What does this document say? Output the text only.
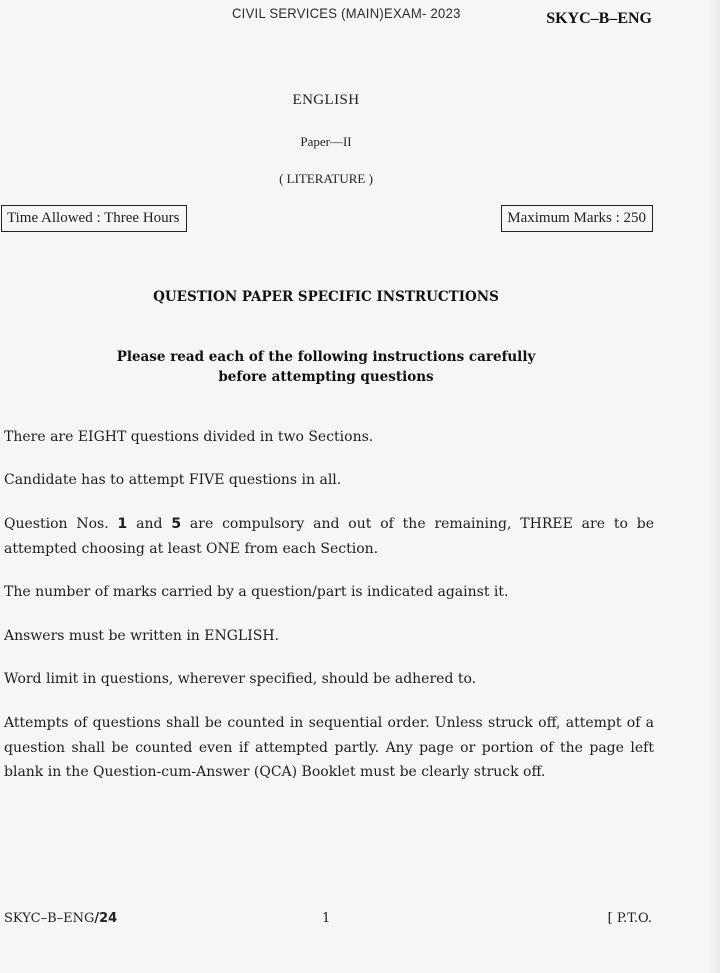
CIVIL SERVICES (MAIN)EXAM- 2023	SKYC–B–ENG
ENGLISH
Paper—II
( LITERATURE )
Time Allowed : Three Hours	Maximum Marks : 250
QUESTION PAPER SPECIFIC INSTRUCTIONS
Please read each of the following instructions carefully
before attempting questions
There are EIGHT questions divided in two Sections.
Candidate has to attempt FIVE questions in all.
Question Nos. 1 and 5 are compulsory and out of the remaining, THREE are to be attempted choosing at least ONE from each Section.
The number of marks carried by a question/part is indicated against it.
Answers must be written in ENGLISH.
Word limit in questions, wherever specified, should be adhered to.
Attempts of questions shall be counted in sequential order. Unless struck off, attempt of a question shall be counted even if attempted partly. Any page or portion of the page left blank in the Question-cum-Answer (QCA) Booklet must be clearly struck off.
SKYC–B–ENG/24	1	[ P.T.O.
